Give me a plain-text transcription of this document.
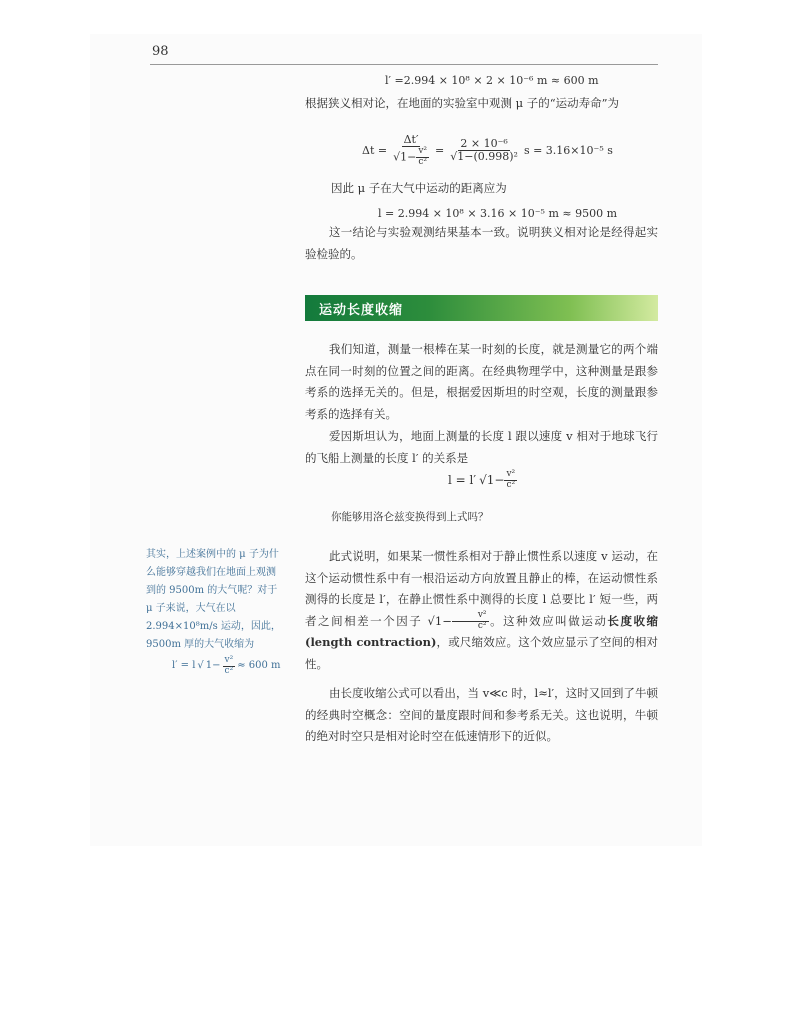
98
l′ =2.994 × 10⁸ × 2 × 10⁻⁶ m ≈ 600 m
根据狭义相对论，在地面的实验室中观测 μ 子的“运动寿命”为
$\Delta t = \frac{\Delta t'}{√1- \frac{\text{v²}}{\text{c²}}} = \frac{\text{2 × 10⁻⁶}}{\text{√1−(0.998)²}}$ s = 3.16×10⁻⁵ s
因此 μ 子在大气中运动的距离应为
l = 2.994 × 10⁸ × 3.16 × 10⁻⁵ m ≈ 9500 m
这一结论与实验观测结果基本一致。说明狭义相对论是经得起实验检验的。
运动长度收缩
我们知道，测量一根棒在某一时刻的长度，就是测量它的两个端点在同一时刻的位置之间的距离。在经典物理学中，这种测量是跟参考系的选择无关的。但是，根据爱因斯坦的时空观，长度的测量跟参考系的选择有关。
爱因斯坦认为，地面上测量的长度 l 跟以速度 v 相对于地球飞行的飞船上测量的长度 l′ 的关系是
l = l′ √ $1- \frac{\text{v²}}{\text{c²}}$
你能够用洛仑兹变换得到上式吗？
此式说明，如果某一惯性系相对于静止惯性系以速度 v 运动，在这个运动惯性系中有一根沿运动方向放置且静止的棒，在运动惯性系测得的长度是 l′，在静止惯性系中测得的长度 l 总要比 l′ 短一些，两者之间相差一个因子 $√1- \frac{\text{v²}}{\text{c²}}$ 。这种效应叫做运动长度收缩(length contraction)，或尺缩效应。这个效应显示了空间的相对性。
由长度收缩公式可以看出，当 v≪c 时，l≈l′，这时又回到了牛顿的经典时空概念：空间的量度跟时间和参考系无关。这也说明，牛顿的绝对时空只是相对论时空在低速情形下的近似。
其实，上述案例中的 μ 子为什么能够穿越我们在地面上观测到的 9500m 的大气呢？对于 μ 子来说，大气在以 2.994×10⁸m/s 运动，因此，9500m 厚的大气收缩为
l′ = l √ $1- \frac{\text{v²}}{\text{c²}} \approx 600$ m
